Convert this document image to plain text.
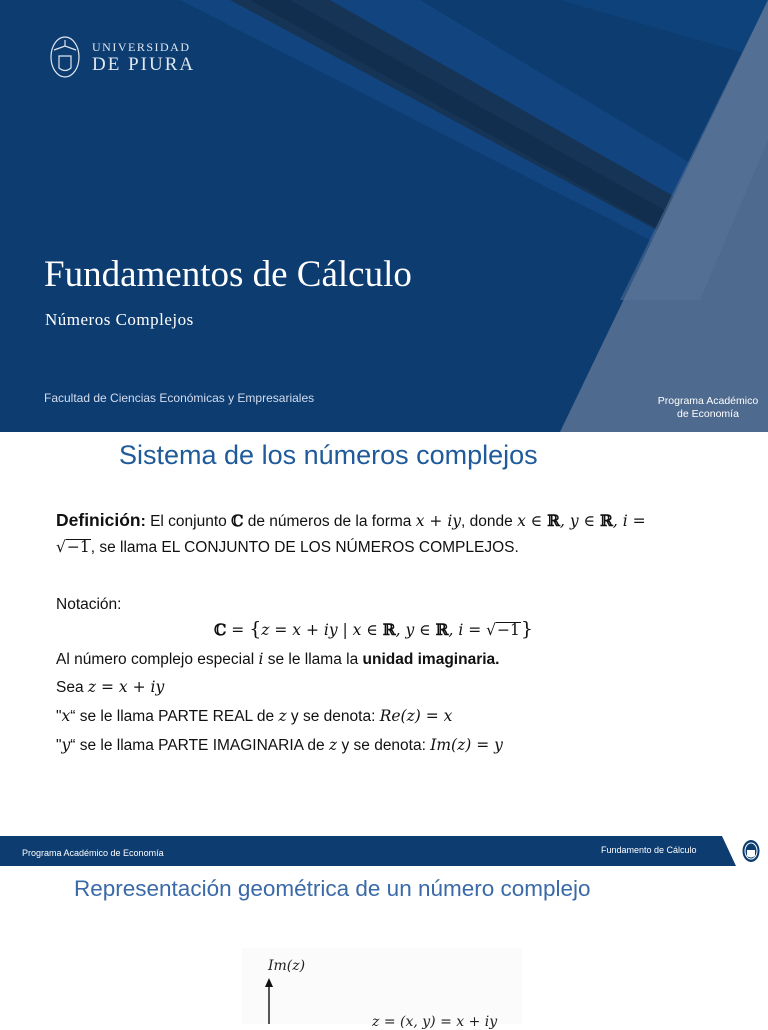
UNIVERSIDAD
DE PIURA
Fundamentos de Cálculo
Números Complejos
Facultad de Ciencias Económicas y Empresariales	Programa Académico
de Economía
Sistema de los números complejos
Definición: El conjunto ℂ de números de la forma x + iy, donde x ∈ ℝ, y ∈ ℝ, i =
√−1, se llama EL CONJUNTO DE LOS NÚMEROS COMPLEJOS.
Notación:
ℂ = {z = x + iy | x ∈ ℝ, y ∈ ℝ, i = √−1}
Al número complejo especial i se le llama la unidad imaginaria.
Sea z = x + iy
"x“ se le llama PARTE REAL de z y se denota: Re(z) = x
"y“ se le llama PARTE IMAGINARIA de z y se denota: Im(z) = y
Programa Académico de Economía	Fundamento de Cálculo
Representación geométrica de un número complejo
Im(z)
z = (x, y) = x + iy
